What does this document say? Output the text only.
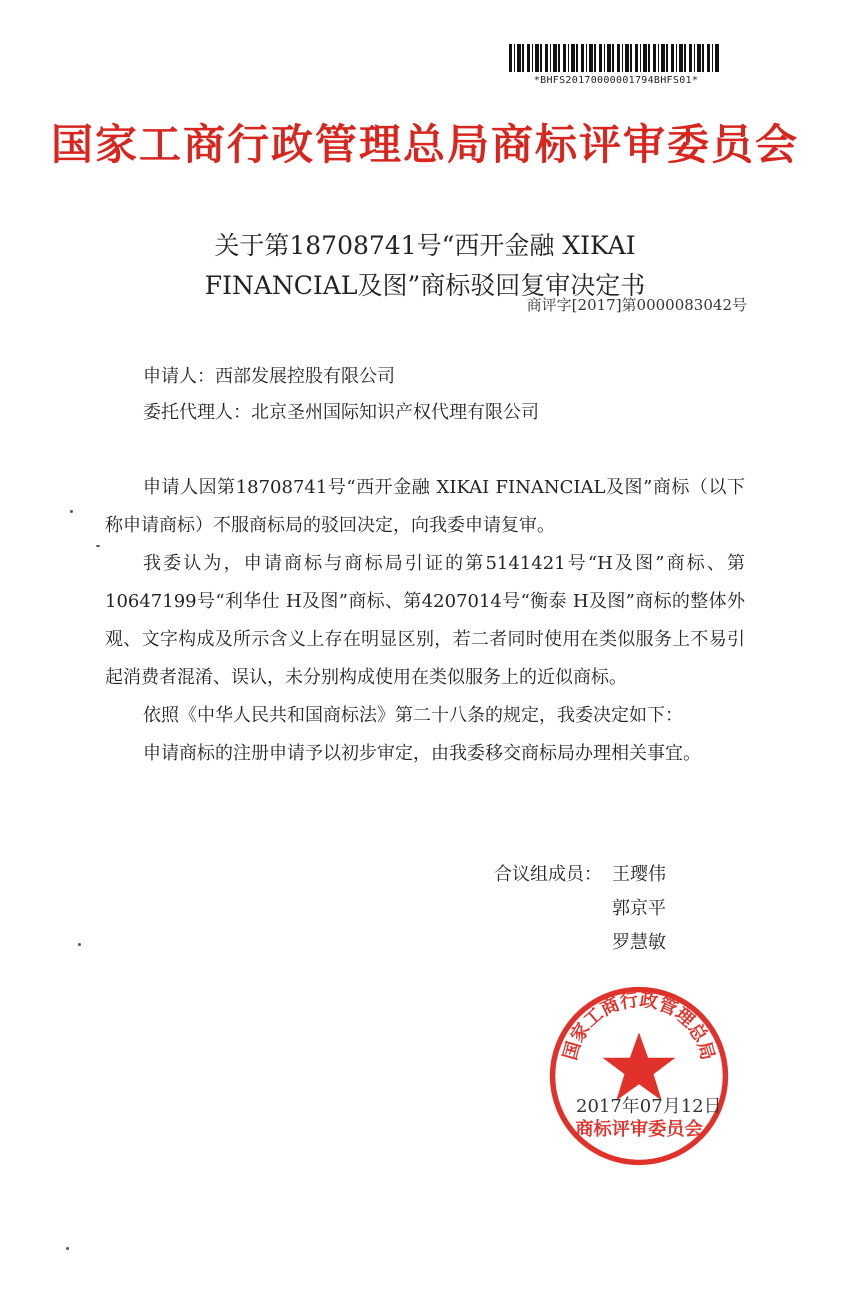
*BHFS20170000001794BHFS01*
国家工商行政管理总局商标评审委员会
关于第18708741号“西开金融 XIKAI
FINANCIAL及图”商标驳回复审决定书
商评字[2017]第0000083042号
申请人：西部发展控股有限公司
委托代理人：北京圣州国际知识产权代理有限公司

申请人因第18708741号“西开金融 XIKAI FINANCIAL及图”商标（以下称申请商标）不服商标局的驳回决定，向我委申请复审。

我委认为，申请商标与商标局引证的第5141421号“H及图”商标、第10647199号“利华仕 H及图”商标、第4207014号“衡泰 H及图”商标的整体外观、文字构成及所示含义上存在明显区别，若二者同时使用在类似服务上不易引起消费者混淆、误认，未分别构成使用在类似服务上的近似商标。

依照《中华人民共和国商标法》第二十八条的规定，我委决定如下：

申请商标的注册申请予以初步审定，由我委移交商标局办理相关事宜。

合议组成员： 王璎伟
郭京平
罗慧敏
国家工商行政管理总局
商标评审委员会
2017年07月12日
